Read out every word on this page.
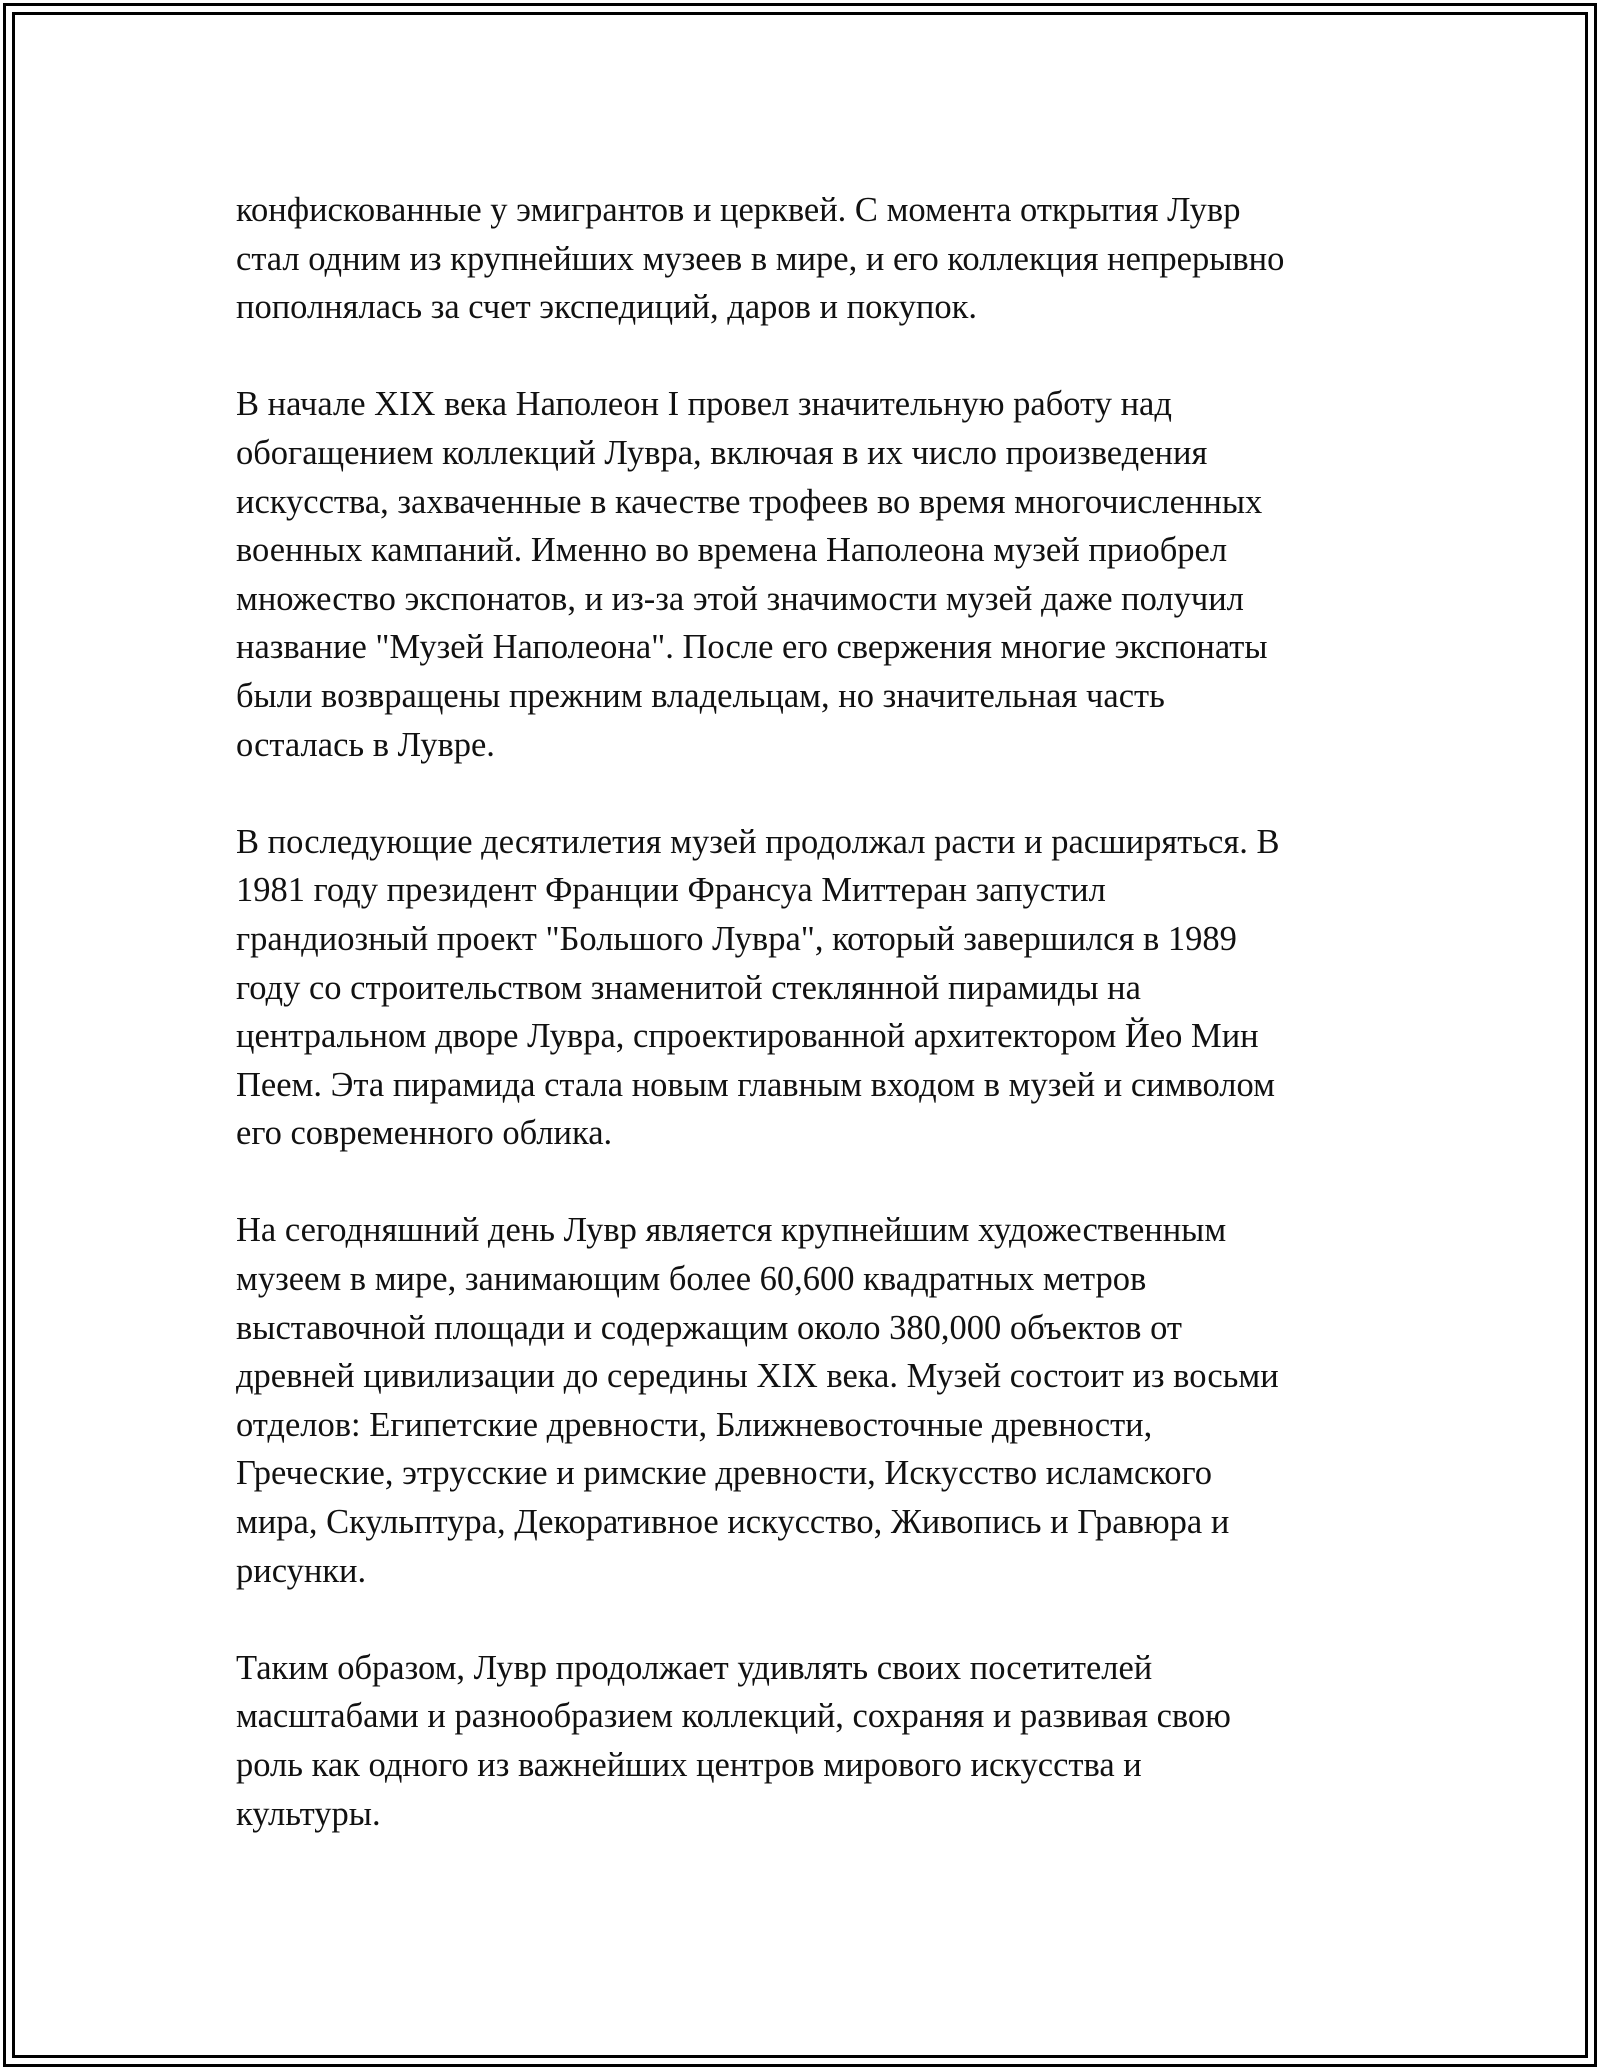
конфискованные у эмигрантов и церквей. С момента открытия Лувр
стал одним из крупнейших музеев в мире, и его коллекция непрерывно
пополнялась за счет экспедиций, даров и покупок.

В начале XIX века Наполеон I провел значительную работу над
обогащением коллекций Лувра, включая в их число произведения
искусства, захваченные в качестве трофеев во время многочисленных
военных кампаний. Именно во времена Наполеона музей приобрел
множество экспонатов, и из-за этой значимости музей даже получил
название "Музей Наполеона". После его свержения многие экспонаты
были возвращены прежним владельцам, но значительная часть
осталась в Лувре.

В последующие десятилетия музей продолжал расти и расширяться. В
1981 году президент Франции Франсуа Миттеран запустил
грандиозный проект "Большого Лувра", который завершился в 1989
году со строительством знаменитой стеклянной пирамиды на
центральном дворе Лувра, спроектированной архитектором Йео Мин
Пеем. Эта пирамида стала новым главным входом в музей и символом
его современного облика.

На сегодняшний день Лувр является крупнейшим художественным
музеем в мире, занимающим более 60,600 квадратных метров
выставочной площади и содержащим около 380,000 объектов от
древней цивилизации до середины XIX века. Музей состоит из восьми
отделов: Египетские древности, Ближневосточные древности,
Греческие, этрусские и римские древности, Искусство исламского
мира, Скульптура, Декоративное искусство, Живопись и Гравюра и
рисунки.

Таким образом, Лувр продолжает удивлять своих посетителей
масштабами и разнообразием коллекций, сохраняя и развивая свою
роль как одного из важнейших центров мирового искусства и
культуры.
